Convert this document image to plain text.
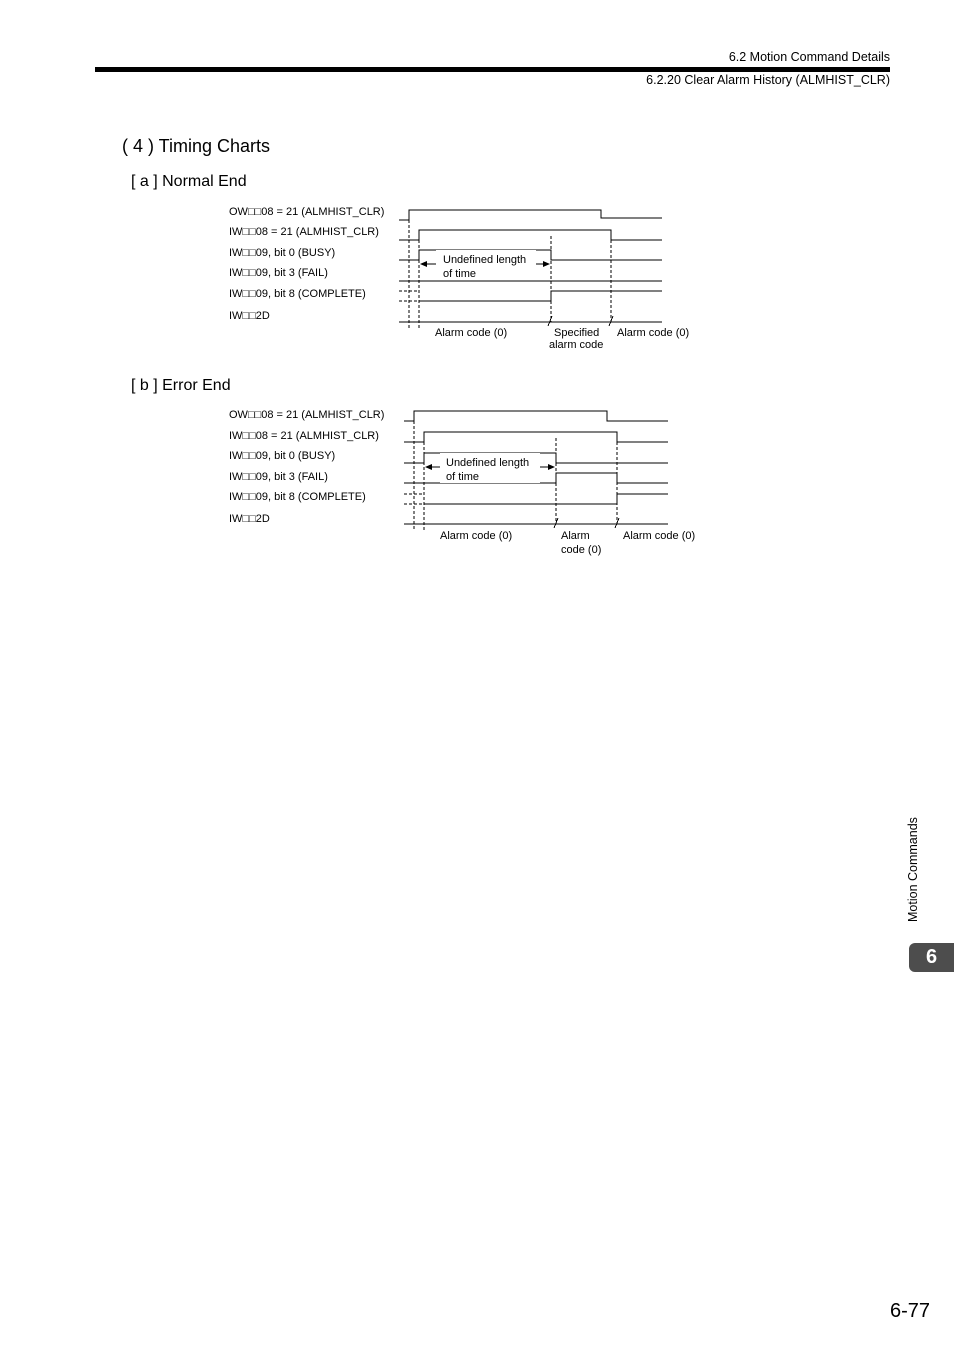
6.2 Motion Command Details
6.2.20 Clear Alarm History (ALMHIST_CLR)
( 4 ) Timing Charts
[ a ] Normal End
OW□□08 = 21 (ALMHIST_CLR)
IW□□08 = 21 (ALMHIST_CLR)
IW□□09, bit 0 (BUSY)
IW□□09, bit 3 (FAIL)
IW□□09, bit 8 (COMPLETE)
IW□□2D
Undefined length
of time
Alarm code (0)	Specified
alarm code
Alarm code (0)
[ b ] Error End
OW□□08 = 21 (ALMHIST_CLR)
IW□□08 = 21 (ALMHIST_CLR)
IW□□09, bit 0 (BUSY)
IW□□09, bit 3 (FAIL)
IW□□09, bit 8 (COMPLETE)
IW□□2D
Undefined length
of time
Alarm code (0)	Alarm
code (0)
Alarm code (0)
Motion Commands
6
6-77
